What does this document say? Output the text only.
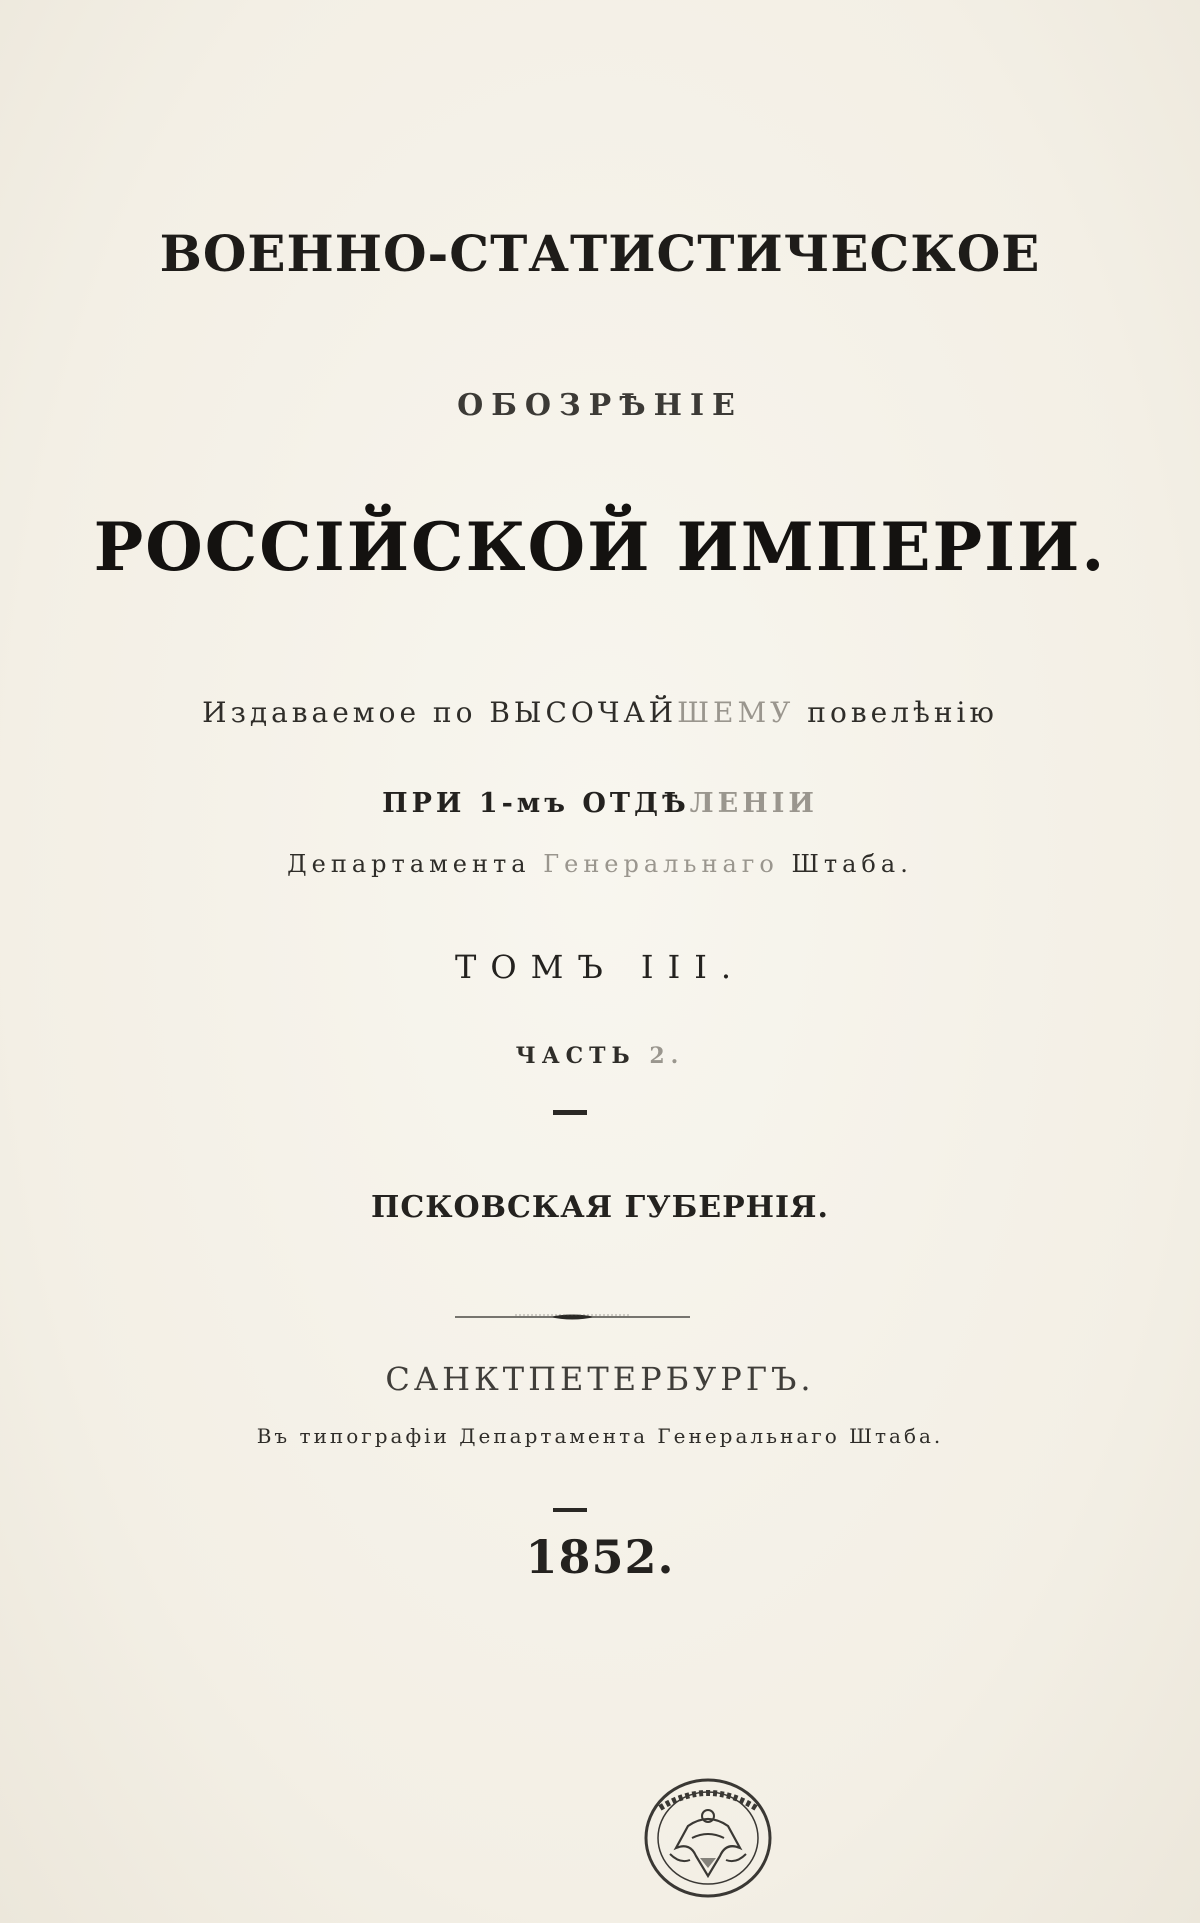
ВОЕННО-СТАТИСТИЧЕСКОЕ
ОБОЗРѢНІЕ
РОССІЙСКОЙ ИМПЕРІИ.
Издаваемое по ВЫСОЧАЙШЕМУ повелѣнію
ПРИ 1-мъ ОТДѢЛЕНІИ
Департамента Генеральнаго Штаба.
ТОМЪ III.
ЧАСТЬ 2.
ПСКОВСКАЯ ГУБЕРНІЯ.
САНКТПЕТЕРБУРГЪ.
Въ типографіи Департамента Генеральнаго Штаба.
1852.
